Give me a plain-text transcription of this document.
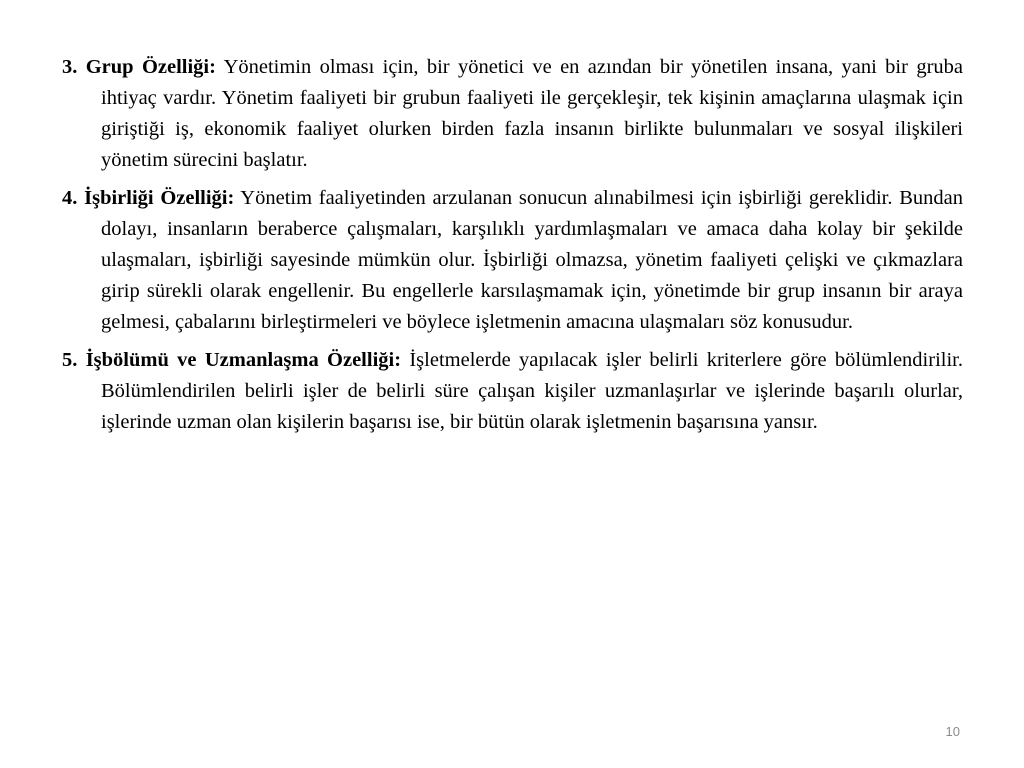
3. Grup Özelliği: Yönetimin olması için, bir yönetici ve en azından bir yönetilen insana, yani bir gruba ihtiyaç vardır. Yönetim faaliyeti bir grubun faaliyeti ile gerçekleşir, tek kişinin amaçlarına ulaşmak için giriştiği iş, ekonomik faaliyet olurken birden fazla insanın birlikte bulunmaları ve sosyal ilişkileri yönetim sürecini başlatır.

4. İşbirliği Özelliği: Yönetim faaliyetinden arzulanan sonucun alınabilmesi için işbirliği gereklidir. Bundan dolayı, insanların beraberce çalışmaları, karşılıklı yardımlaşmaları ve amaca daha kolay bir şekilde ulaşmaları, işbirliği sayesinde mümkün olur. İşbirliği olmazsa, yönetim faaliyeti çelişki ve çıkmazlara girip sürekli olarak engellenir. Bu engellerle karsılaşmamak için, yönetimde bir grup insanın bir araya gelmesi, çabalarını birleştirmeleri ve böylece işletmenin amacına ulaşmaları söz konusudur.

5. İşbölümü ve Uzmanlaşma Özelliği: İşletmelerde yapılacak işler belirli kriterlere göre bölümlendirilir. Bölümlendirilen belirli işler de belirli süre çalışan kişiler uzmanlaşırlar ve işlerinde başarılı olurlar, işlerinde uzman olan kişilerin başarısı ise, bir bütün olarak işletmenin başarısına yansır.

10
